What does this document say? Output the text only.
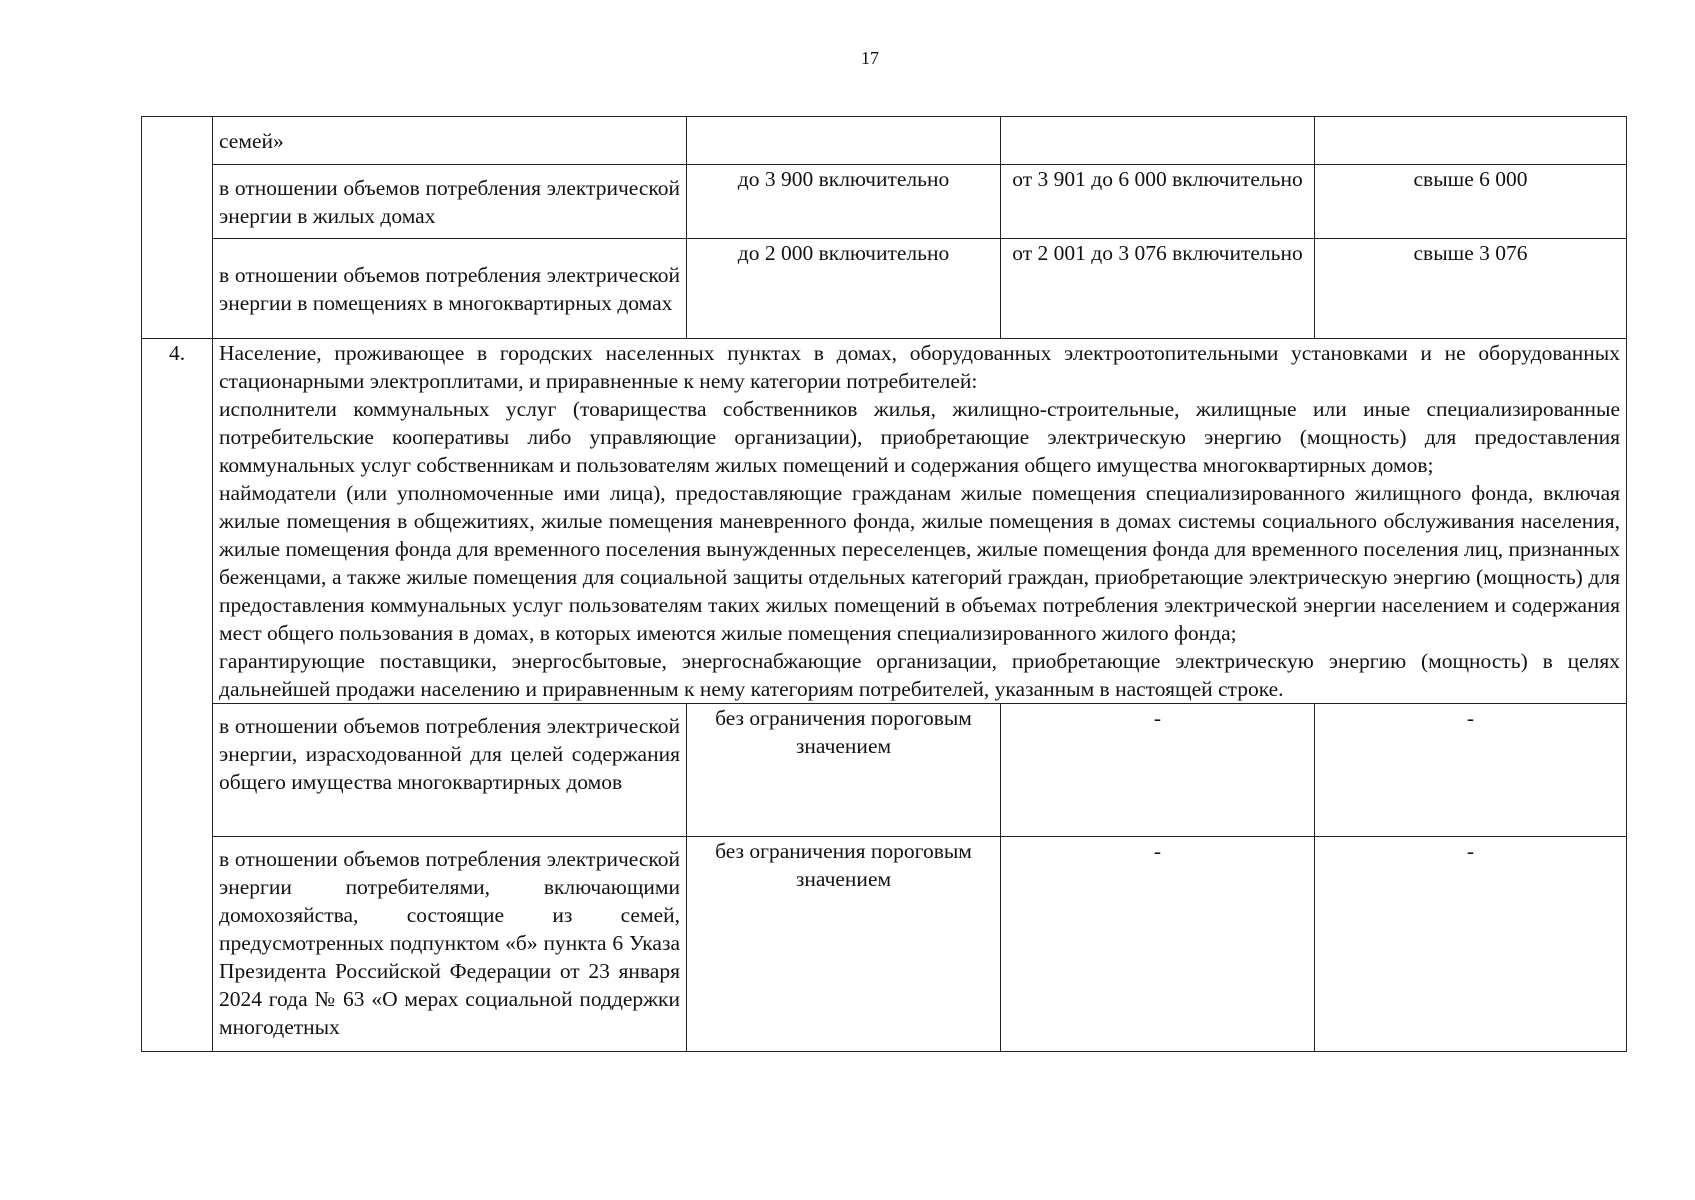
17
	семей»			
	в отношении объемов потребления электрической энергии в жилых домах	до 3 900 включительно	от 3 901 до 6 000 включительно	свыше 6 000
	в отношении объемов потребления электрической энергии в помещениях в многоквартирных домах	до 2 000 включительно	от 2 001 до 3 076 включительно	свыше 3 076
4.	Население, проживающее в городских населенных пунктах в домах, оборудованных электроотопительными установками и не оборудованных стационарными электроплитами, и приравненные к нему категории потребителей:
исполнители коммунальных услуг (товарищества собственников жилья, жилищно-строительные, жилищные или иные специализированные потребительские кооперативы либо управляющие организации), приобретающие электрическую энергию (мощность) для предоставления коммунальных услуг собственникам и пользователям жилых помещений и содержания общего имущества многоквартирных домов;
наймодатели (или уполномоченные ими лица), предоставляющие гражданам жилые помещения специализированного жилищного фонда, включая жилые помещения в общежитиях, жилые помещения маневренного фонда, жилые помещения в домах системы социального обслуживания населения, жилые помещения фонда для временного поселения вынужденных переселенцев, жилые помещения фонда для временного поселения лиц, признанных беженцами, а также жилые помещения для социальной защиты отдельных категорий граждан, приобретающие электрическую энергию (мощность) для предоставления коммунальных услуг пользователям таких жилых помещений в объемах потребления электрической энергии населением и содержания мест общего пользования в домах, в которых имеются жилые помещения специализированного жилого фонда;
гарантирующие поставщики, энергосбытовые, энергоснабжающие организации, приобретающие электрическую энергию (мощность) в целях дальнейшей продажи населению и приравненным к нему категориям потребителей, указанным в настоящей строке.			

	в отношении объемов потребления электрической энергии, израсходованной для целей содержания общего имущества многоквартирных домов	без ограничения пороговым значением	-	-
	в отношении объемов потребления электрической энергии потребителями, включающими домохозяйства, состоящие из семей, предусмотренных подпунктом «б» пункта 6 Указа Президента Российской Федерации от 23 января 2024 года № 63 «О мерах социальной поддержки многодетных	без ограничения пороговым значением	-	-
